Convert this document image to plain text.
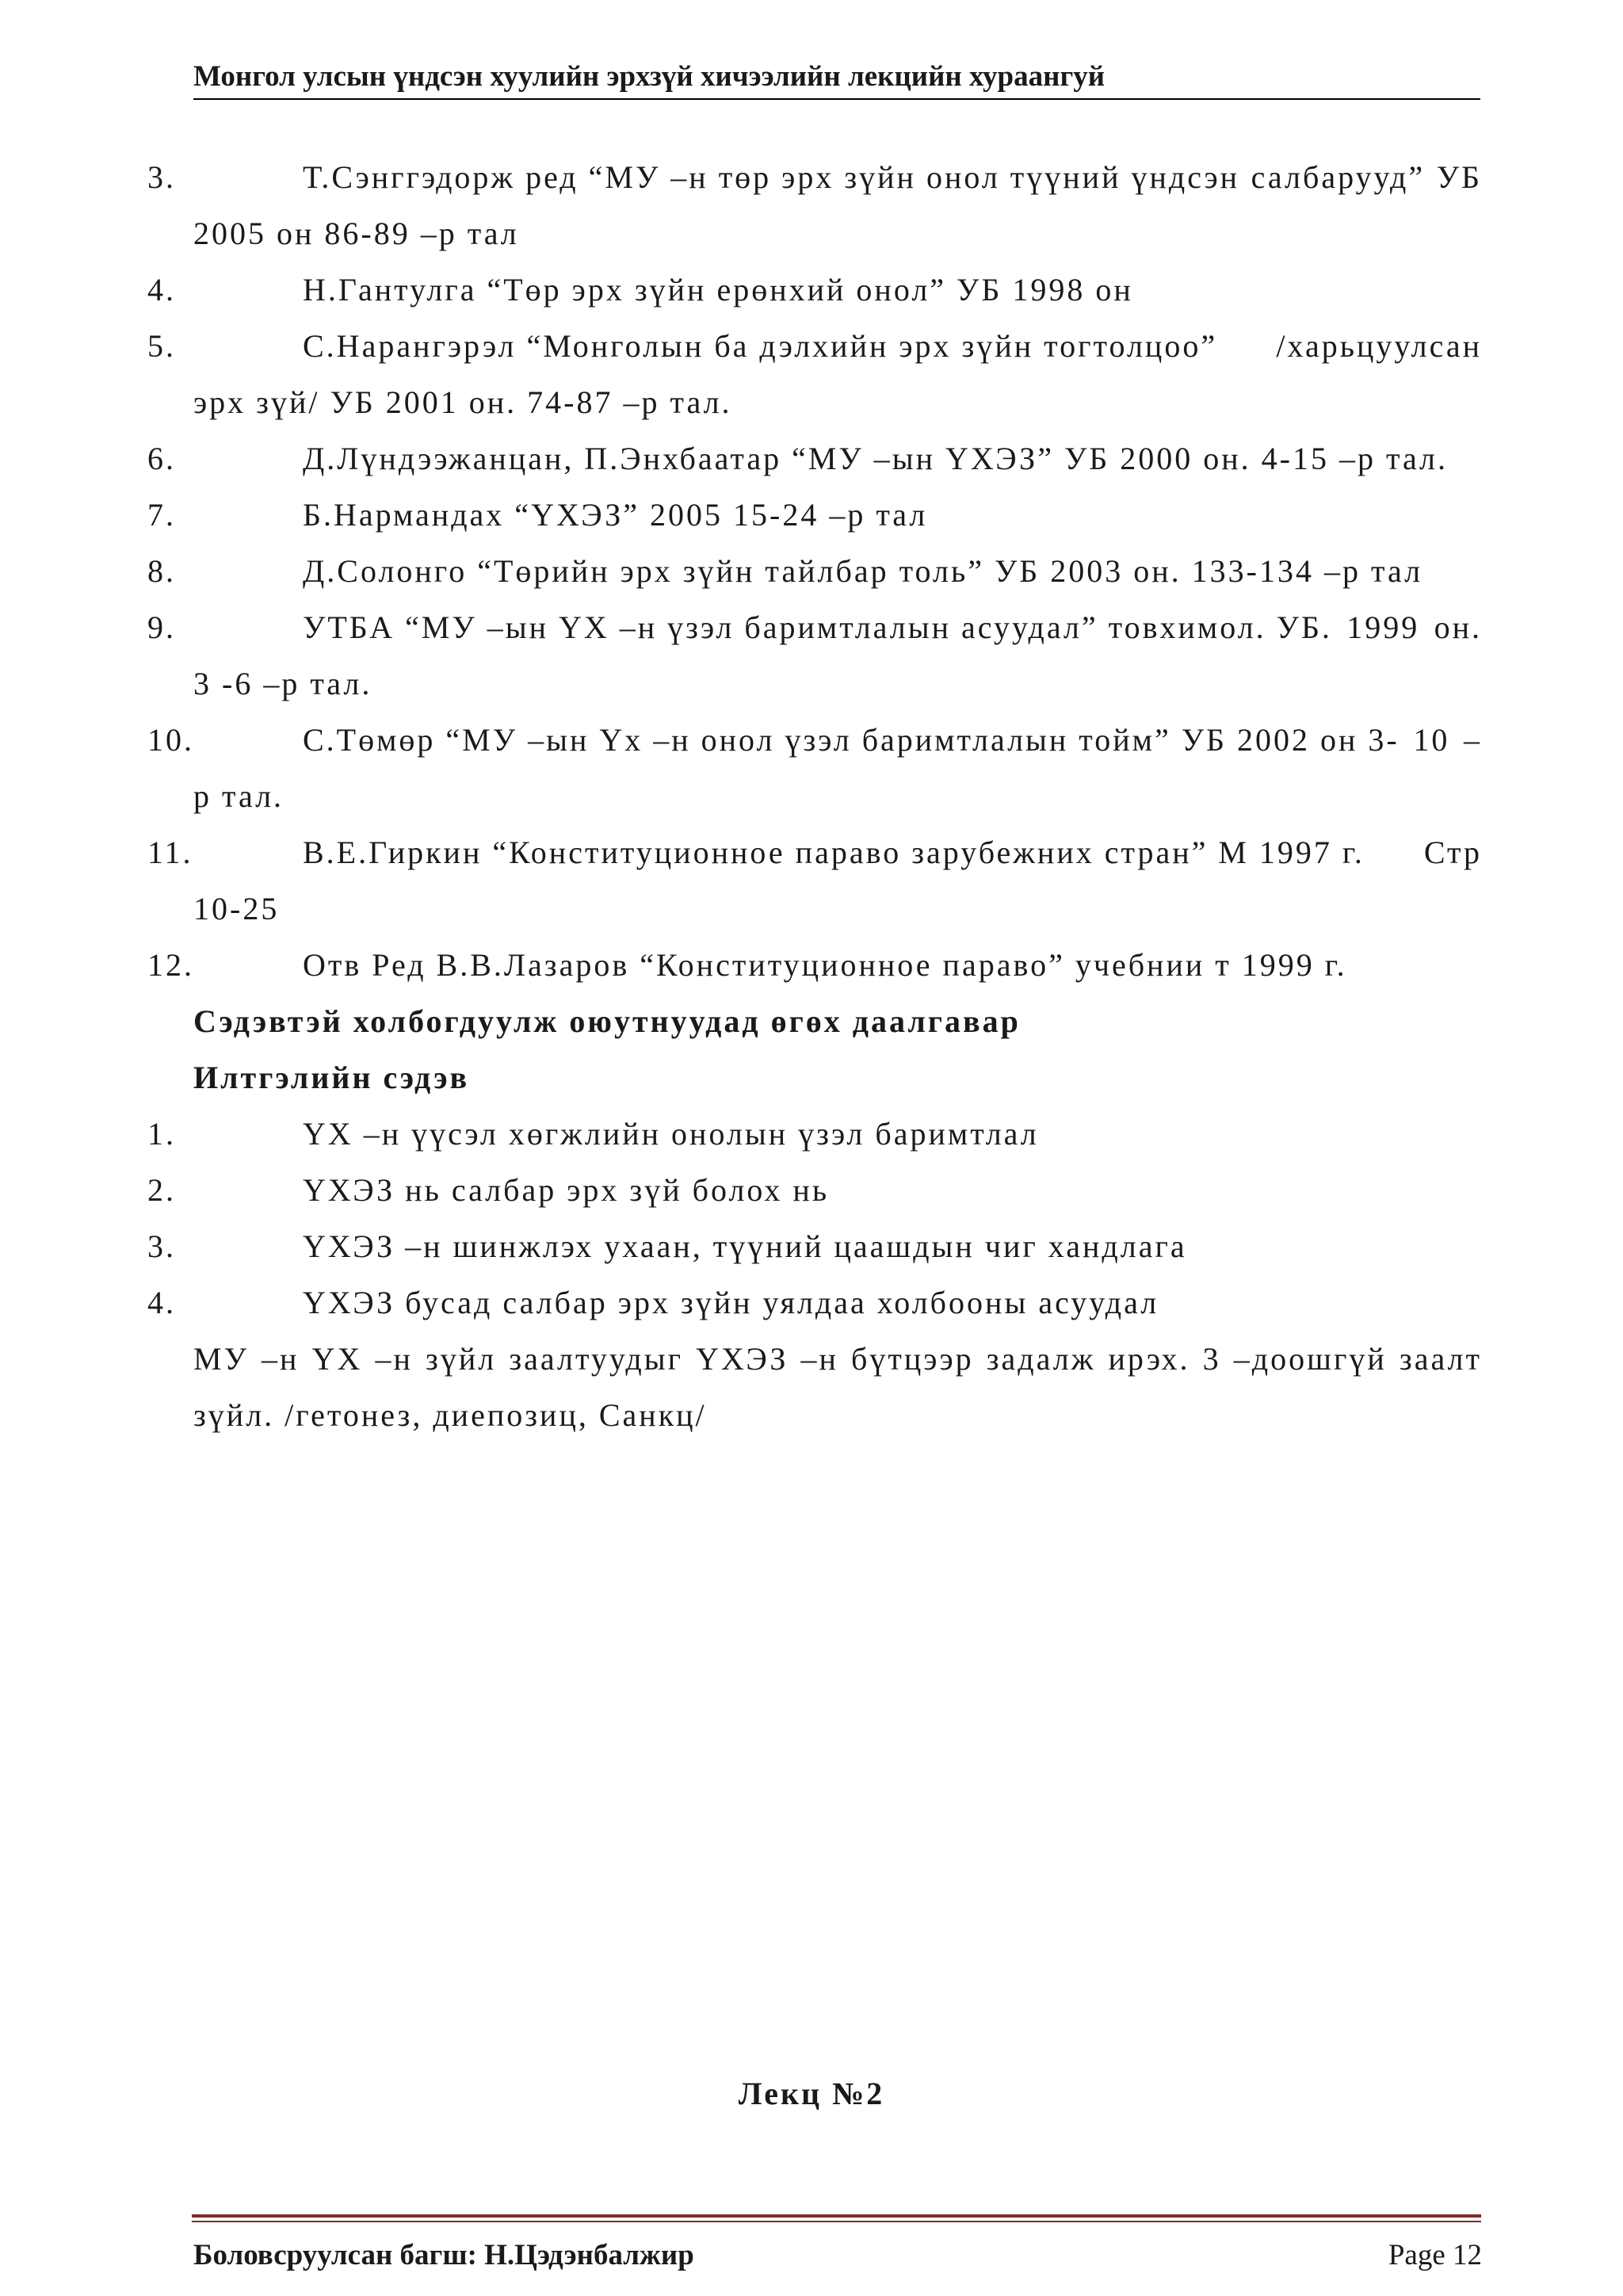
Монгол улсын үндсэн хуулийн эрхзүй хичээлийн лекцийн хураангуй
3.	Т.Сэнггэдорж ред “МУ –н төр эрх зүйн онол түүний үндсэн салбарууд” УБ 2005 он 86-89 –р тал
4.	Н.Гантулга “Төр эрх зүйн ерөнхий онол” УБ 1998 он
5.	С.Нарангэрэл “Монголын ба дэлхийн эрх зүйн тогтолцоо” /харьцуулсан эрх зүй/ УБ 2001 он. 74-87 –р тал.
6.	Д.Лүндээжанцан, П.Энхбаатар “МУ –ын ҮХЭЗ” УБ 2000 он. 4-15 –р тал.
7.	Б.Нармандах “ҮХЭЗ” 2005 15-24 –р тал
8.	Д.Солонго “Төрийн эрх зүйн тайлбар толь” УБ 2003 он. 133-134 –р тал
9.	УТБА “МУ –ын ҮХ –н үзэл баримтлалын асуудал” товхимол. УБ. 1999 он. 3 -6 –р тал.
10.	С.Төмөр “МУ –ын Үх –н онол үзэл баримтлалын тойм” УБ 2002 он 3- 10 –р тал.
11.	В.Е.Гиркин “Конституционное параво зарубежних стран” М 1997 г. Стр 10-25
12.	Отв Ред В.В.Лазаров “Конституционное параво” учебнии т 1999 г.
Сэдэвтэй холбогдуулж оюутнуудад өгөх даалгавар
Илтгэлийн сэдэв
1.	ҮХ –н үүсэл хөгжлийн онолын үзэл баримтлал
2.	ҮХЭЗ нь салбар эрх зүй болох нь
3.	ҮХЭЗ –н шинжлэх ухаан, түүний цаашдын чиг хандлага
4.	ҮХЭЗ бусад салбар эрх зүйн уялдаа холбооны асуудал
МУ –н ҮХ –н зүйл заалтуудыг ҮХЭЗ –н бүтцээр задалж ирэх. 3 –доошгүй заалт зүйл. /гетонез, диепозиц, Санкц/
Лекц №2
Боловсруулсан багш: Н.Цэдэнбалжир	Page 12
